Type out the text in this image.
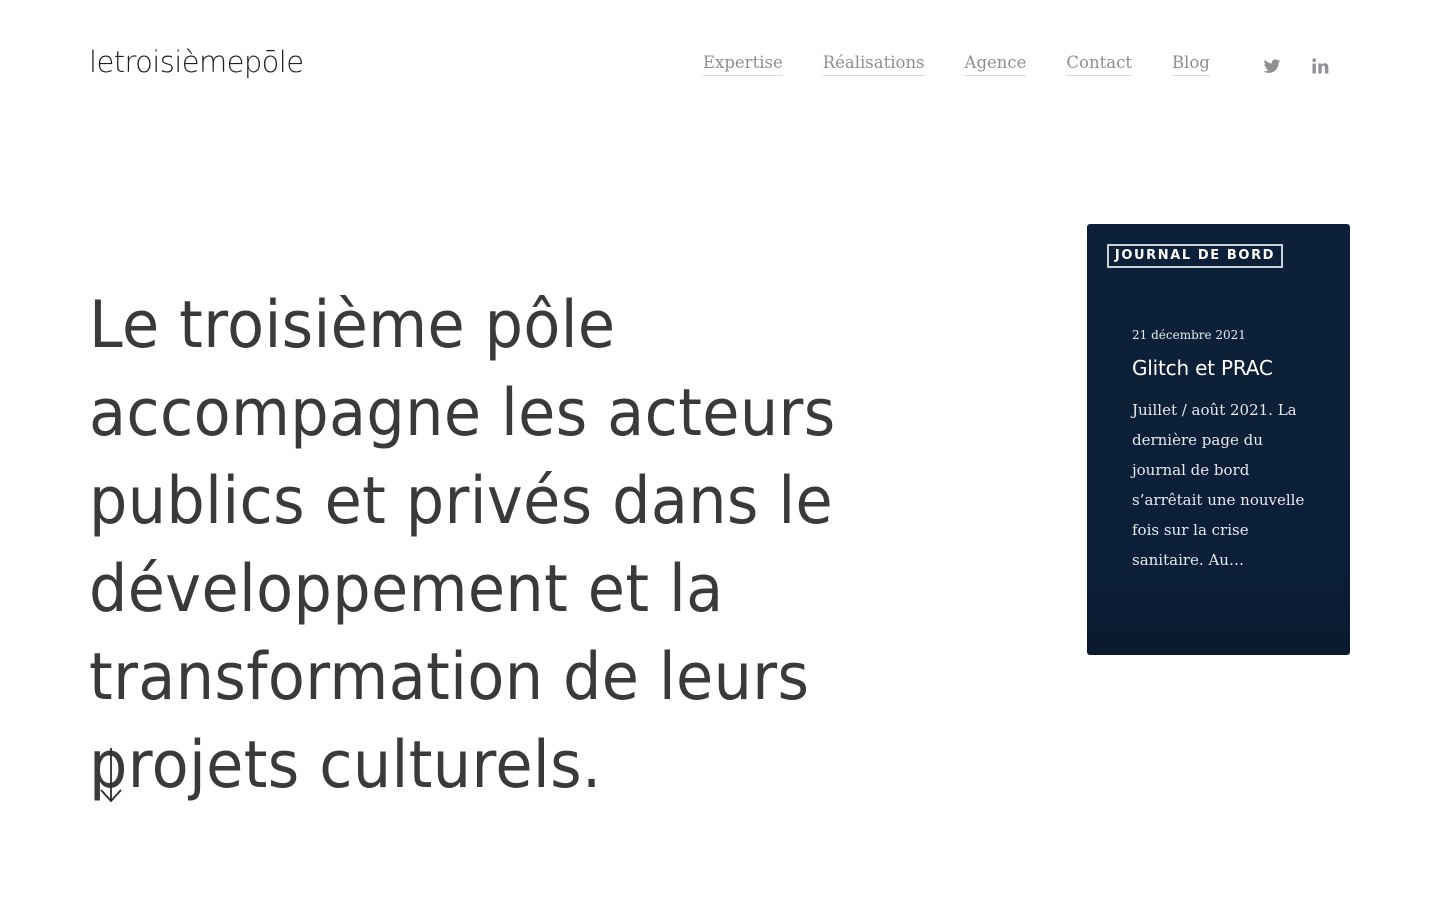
letroisièmepōle	Expertise Réalisations Agence Contact Blog
Le troisième pôle accompagne les acteurs publics et privés dans le développement et la transformation de leurs projets culturels.
JOURNAL DE BORD
21 décembre 2021
Glitch et PRAC

Juillet / août 2021. La dernière page du journal de bord s’arrêtait une nouvelle fois sur la crise sanitaire. Au…
